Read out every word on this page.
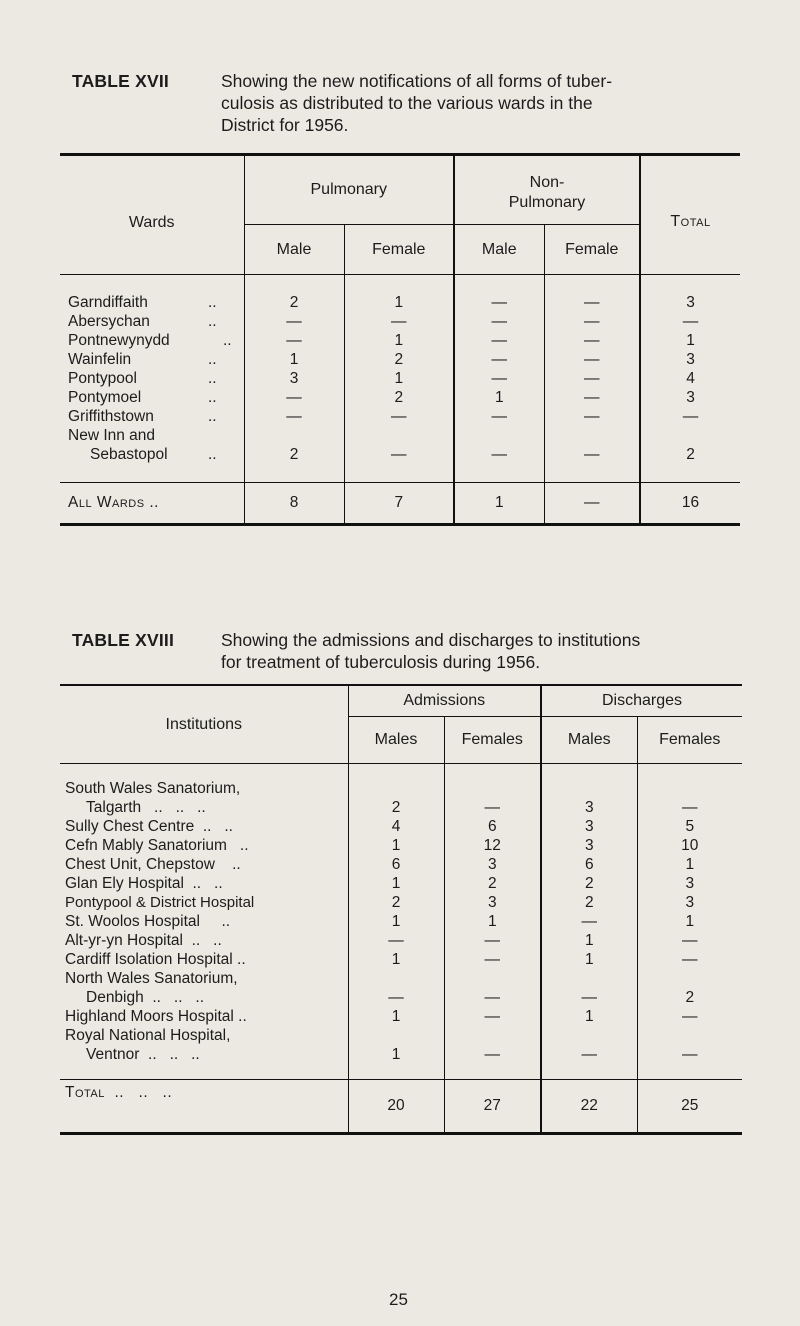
TABLE XVII	Showing the new notifications of all forms of tuber-
culosis as distributed to the various wards in the
District for 1956.

Wards	Pulmonary		Non-
Pulmonary		Total
	Male	Female	Male	Female	

Garndiffaith ..	2	1	—	—	3
Abersychan ..	—	—	—	—	—
Pontnewynydd ..	—	1	—	—	1
Wainfelin ..	1	2	—	—	3
Pontypool ..	3	1	—	—	4
Pontymoel ..	—	2	1	—	3
Griffithstown ..	—	—	—	—	—
New Inn and					
Sebastopol ..	2	—	—	—	2

All Wards ..	8	7	1	—	16
TABLE XVIII	Showing the admissions and discharges to institutions
for treatment of tuberculosis during 1956.

Institutions	Admissions		Discharges	
	Males	Females	Males	Females

South Wales Sanatorium,				
Talgarth   ..   ..   ..	2	—	3	—
Sully Chest Centre  ..   ..	4	6	3	5
Cefn Mably Sanatorium   ..	1	12	3	10
Chest Unit, Chepstow    ..	6	3	6	1
Glan Ely Hospital  ..   ..	1	2	2	3
Pontypool & District Hospital	2	3	2	3
St. Woolos Hospital     ..	1	1	—	1
Alt-yr-yn Hospital  ..   ..	—	—	1	—
Cardiff Isolation Hospital ..	1	—	1	—
North Wales Sanatorium,				
Denbigh  ..   ..   ..	—	—	—	2
Highland Moors Hospital ..	1	—	1	—
Royal National Hospital,				
Ventnor  ..   ..   ..	1	—	—	—

Total  ..   ..   ..	20	27	22	25
25
